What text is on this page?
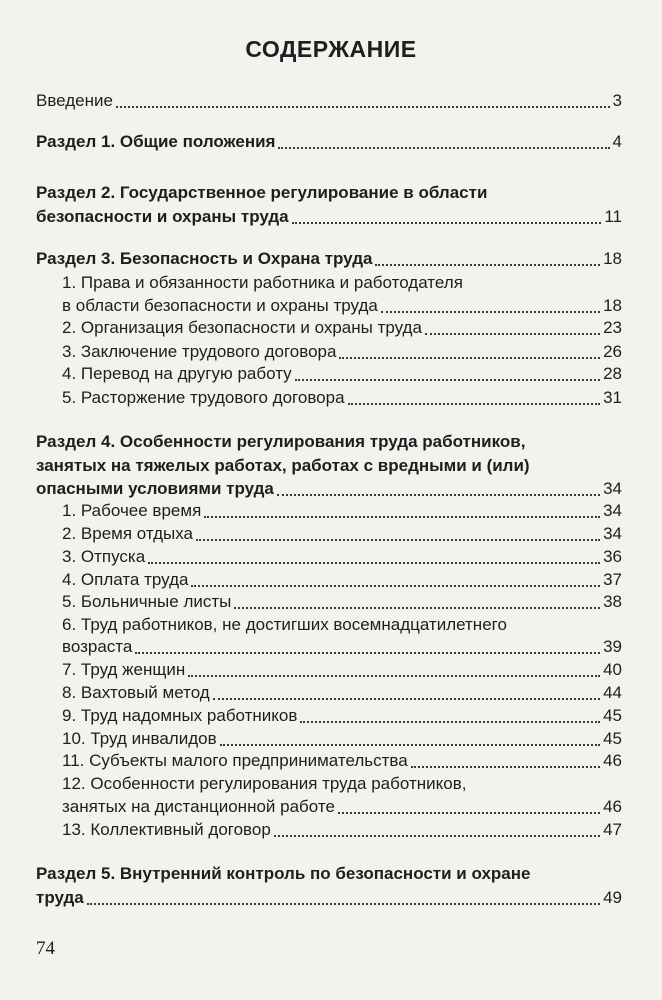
СОДЕРЖАНИЕ
Введение	3
Раздел 1. Общие положения	4
Раздел 2. Государственное регулирование в области
безопасности и охраны труда	11
Раздел 3. Безопасность и Охрана труда	18
1. Права и обязанности работника и работодателя
в области безопасности и охраны труда	18
2. Организация безопасности и охраны труда	23
3. Заключение трудового договора	26
4. Перевод на другую работу	28
5. Расторжение трудового договора	31
Раздел 4. Особенности регулирования труда работников,
занятых на тяжелых работах, работах с вредными и (или)
опасными условиями труда	34
1. Рабочее время	34
2. Время отдыха	34
3. Отпуска	36
4. Оплата труда	37
5. Больничные листы	38
6. Труд работников, не достигших восемнадцатилетнего
возраста	39
7. Труд женщин	40
8. Вахтовый метод	44
9. Труд надомных работников	45
10. Труд инвалидов	45
11. Субъекты малого предпринимательства	46
12. Особенности регулирования труда работников,
занятых на дистанционной работе	46
13. Коллективный договор	47
Раздел 5. Внутренний контроль по безопасности и охране
труда	49
74
